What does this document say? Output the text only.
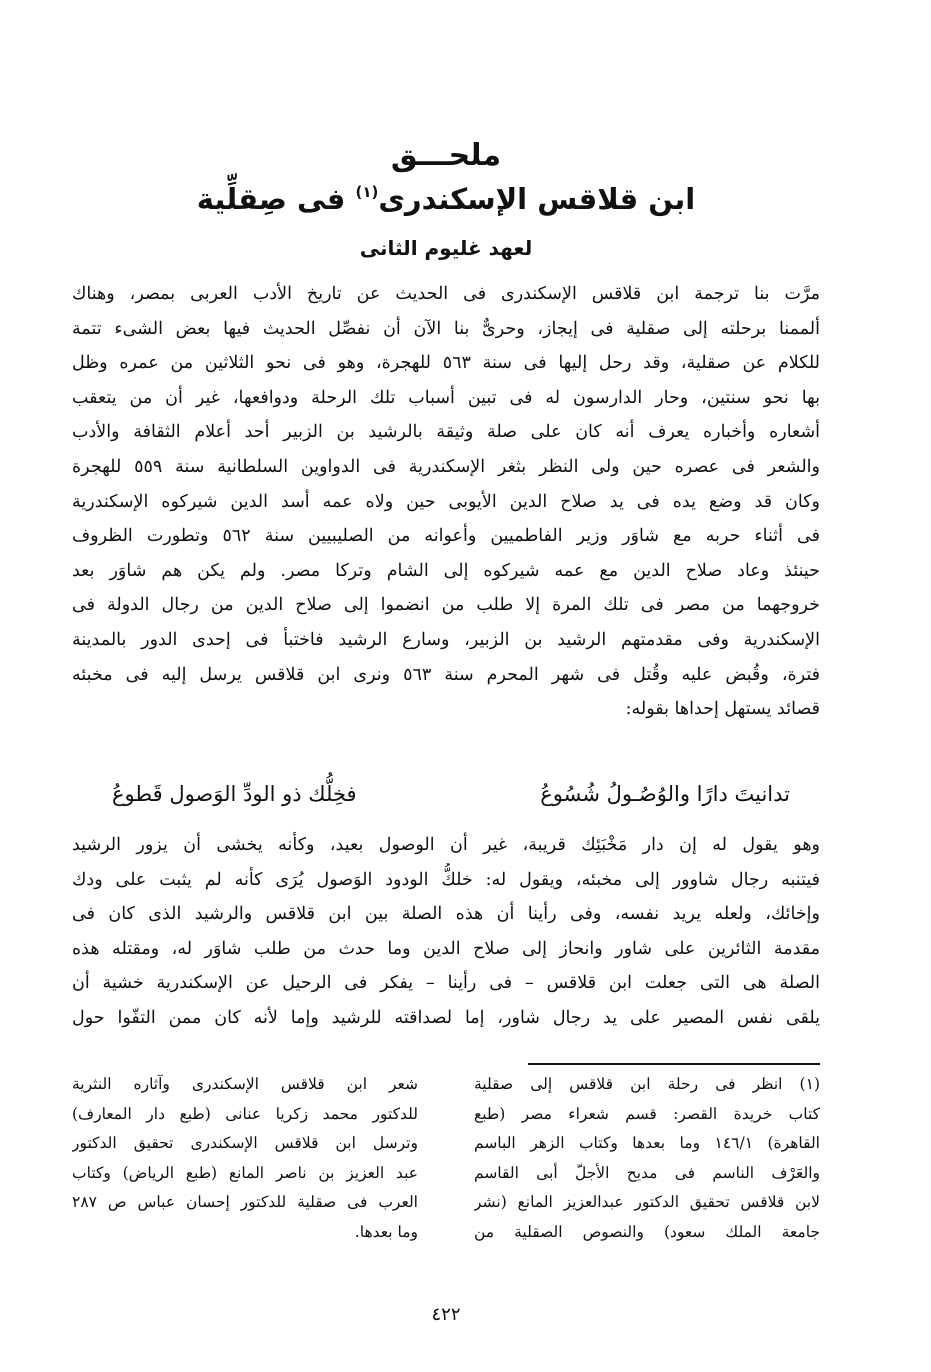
ملحـــق
ابن قلاقس الإسكندرى$^{(١)}$ فى صِقلِّية
لعهد غليوم الثانى
مرَّت بنا ترجمة ابن قلاقس الإسكندرى فى الحديث عن تاريخ الأدب العربى بمصر، وهناك
ألممنا برحلته إلى صقلية فى إيجاز، وحرىٌّ بنا الآن أن نفصِّل الحديث فيها بعض الشىء تتمة
للكلام عن صقلية، وقد رحل إليها فى سنة ٥٦٣ للهجرة، وهو فى نحو الثلاثين من عمره وظل
بها نحو سنتين، وحار الدارسون له فى تبين أسباب تلك الرحلة ودوافعها، غير أن من يتعقب
أشعاره وأخباره يعرف أنه كان على صلة وثيقة بالرشيد بن الزبير أحد أعلام الثقافة والأدب
والشعر فى عصره حين ولى النظر بثغر الإسكندرية فى الدواوين السلطانية سنة ٥٥٩ للهجرة
وكان قد وضع يده فى يد صلاح الدين الأيوبى حين ولاه عمه أسد الدين شيركوه الإسكندرية
فى أثناء حربه مع شاوَر وزير الفاطميين وأعوانه من الصليبيين سنة ٥٦٢ وتطورت الظروف
حينئذ وعاد صلاح الدين مع عمه شيركوه إلى الشام وتركا مصر. ولم يكن هم شاوَر بعد
خروجهما من مصر فى تلك المرة إلا طلب من انضموا إلى صلاح الدين من رجال الدولة فى
الإسكندرية وفى مقدمتهم الرشيد بن الزبير، وسارع الرشيد فاختبأ فى إحدى الدور بالمدينة
فترة، وقُبض عليه وقُتل فى شهر المحرم سنة ٥٦٣ ونرى ابن قلاقس يرسل إليه فى مخبئه
قصائد يستهل إحداها بقوله:
تدانيتَ دارًا والوُصُـولُ شُسُوعُ
فخِلُّك ذو الودِّ الوَصول قَطوعُ
وهو يقول له إن دار مَخْبَئِك قريبة، غير أن الوصول بعيد، وكأنه يخشى أن يزور الرشيد
فيتنبه رجال شاوور إلى مخبئه، ويقول له: خلكُّ الودود الوَصول يُرَى كأنه لم يثبت على ودك
وإخائك، ولعله يريد نفسه، وفى رأينا أن هذه الصلة بين ابن قلاقس والرشيد الذى كان فى
مقدمة الثائرين على شاور وانحاز إلى صلاح الدين وما حدث من طلب شاوَر له، ومقتله هذه
الصلة هى التى جعلت ابن قلاقس – فى رأينا – يفكر فى الرحيل عن الإسكندرية خشية أن
يلقى نفس المصير على يد رجال شاور، إما لصداقته للرشيد وإما لأنه كان ممن التفّوا حول
(١) انظر فى رحلة ابن قلاقس إلى صقلية
كتاب خريدة القصر: قسم شعراء مصر (طبع
القاهرة) ١٤٦/١ وما بعدها وكتاب الزهر الباسم
والعَرْف الناسم فى مديح الأجلّ أبى القاسم
لابن قلاقس تحقيق الدكتور عبدالعزيز المانع (نشر
جامعة الملك سعود) والنصوص الصقلية من
شعر ابن قلاقس الإسكندرى وآثاره النثرية
للدكتور محمد زكريا عنانى (طبع دار المعارف)
وترسل ابن قلاقس الإسكندرى تحقيق الدكتور
عبد العزيز بن ناصر المانع (طبع الرياض) وكتاب
العرب فى صقلية للدكتور إحسان عباس ص ٢٨٧
وما بعدها.
٤٢٢
